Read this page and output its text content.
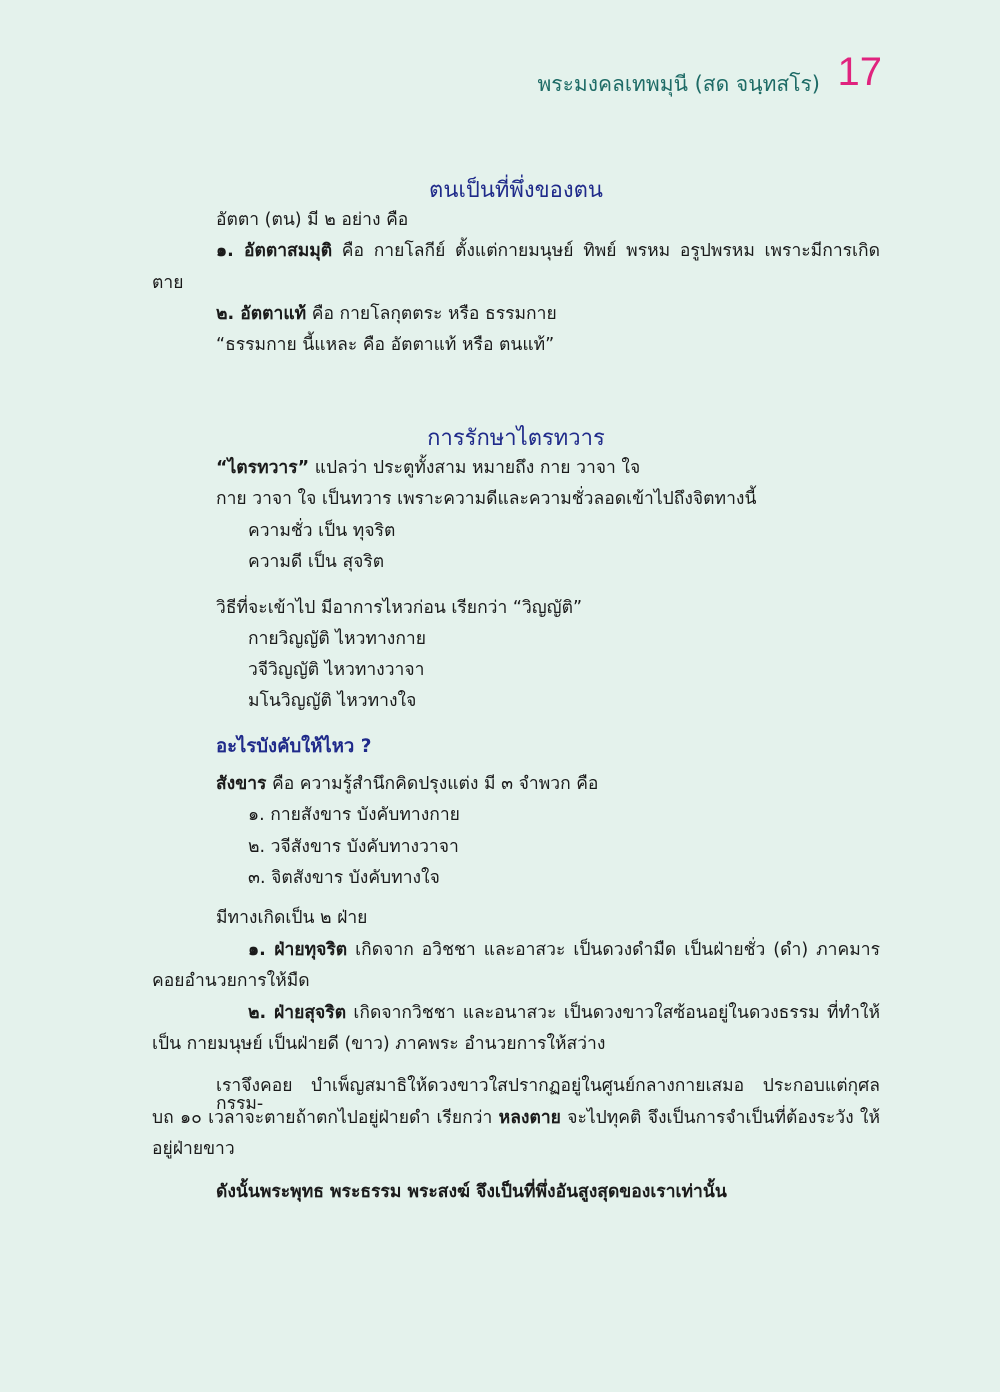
พระมงคลเทพมุนี (สด จนฺทสโร) 17
ตนเป็นที่พึ่งของตน
อัตตา (ตน) มี ๒ อย่าง คือ
๑. อัตตาสมมุติ คือ กายโลกีย์ ตั้งแต่กายมนุษย์ ทิพย์ พรหม อรูปพรหม เพราะมีการเกิด
ตาย
๒. อัตตาแท้ คือ กายโลกุตตระ หรือ ธรรมกาย
“ธรรมกาย นี้แหละ คือ อัตตาแท้ หรือ ตนแท้”
การรักษาไตรทวาร
“ไตรทวาร” แปลว่า ประตูทั้งสาม หมายถึง กาย วาจา ใจ
กาย วาจา ใจ เป็นทวาร เพราะความดีและความชั่วลอดเข้าไปถึงจิตทางนี้
ความชั่ว เป็น ทุจริต
ความดี เป็น สุจริต
วิธีที่จะเข้าไป มีอาการไหวก่อน เรียกว่า “วิญญัติ”
กายวิญญัติ ไหวทางกาย
วจีวิญญัติ ไหวทางวาจา
มโนวิญญัติ ไหวทางใจ
อะไรบังคับให้ไหว ?
สังขาร คือ ความรู้สำนึกคิดปรุงแต่ง มี ๓ จำพวก คือ
๑. กายสังขาร บังคับทางกาย
๒. วจีสังขาร บังคับทางวาจา
๓. จิตสังขาร บังคับทางใจ
มีทางเกิดเป็น ๒ ฝ่าย
๑. ฝ่ายทุจริต เกิดจาก อวิชชา และอาสวะ เป็นดวงดำมืด เป็นฝ่ายชั่ว (ดำ) ภาคมาร
คอยอำนวยการให้มืด
๒. ฝ่ายสุจริต เกิดจากวิชชา และอนาสวะ เป็นดวงขาวใสซ้อนอยู่ในดวงธรรม ที่ทำให้
เป็น กายมนุษย์ เป็นฝ่ายดี (ขาว) ภาคพระ อำนวยการให้สว่าง
เราจึงคอย บำเพ็ญสมาธิให้ดวงขาวใสปรากฏอยู่ในศูนย์กลางกายเสมอ ประกอบแต่กุศลกรรม-
บถ ๑๐ เวลาจะตายถ้าตกไปอยู่ฝ่ายดำ เรียกว่า หลงตาย จะไปทุคติ จึงเป็นการจำเป็นที่ต้องระวัง ให้
อยู่ฝ่ายขาว
ดังนั้นพระพุทธ พระธรรม พระสงฆ์ จึงเป็นที่พึ่งอันสูงสุดของเราเท่านั้น
